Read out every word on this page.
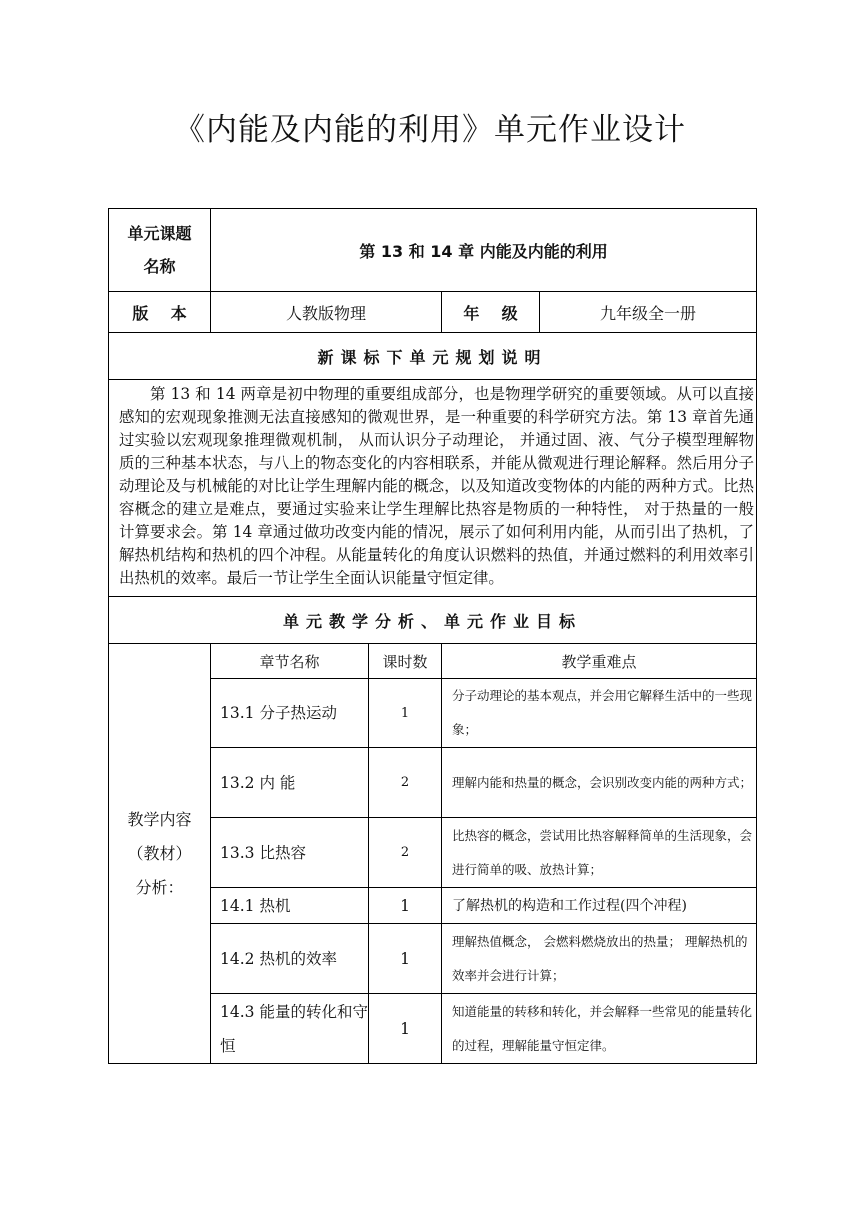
《内能及内能的利用》单元作业设计
单元课题名称	第 13 和 14 章 内能及内能的利用			
版    本	人教版物理		年    级	九年级全一册
新课标下单元规划说明				
第 13 和 14 两章是初中物理的重要组成部分，也是物理学研究的重要领域。从可以直接感知的宏观现象推测无法直接感知的微观世界，是一种重要的科学研究方法。第 13 章首先通过实验以宏观现象推理微观机制， 从而认识分子动理论， 并通过固、液、气分子模型理解物质的三种基本状态，与八上的物态变化的内容相联系，并能从微观进行理论解释。然后用分子动理论及与机械能的对比让学生理解内能的概念，以及知道改变物体的内能的两种方式。比热容概念的建立是难点，要通过实验来让学生理解比热容是物质的一种特性， 对于热量的一般计算要求会。第 14 章通过做功改变内能的情况，展示了如何利用内能，从而引出了热机，了解热机结构和热机的四个冲程。从能量转化的角度认识燃料的热值，并通过燃料的利用效率引出热机的效率。最后一节让学生全面认识能量守恒定律。				
单元教学分析、单元作业目标				

教学内容
（教材）
分析：	章节名称	课时数	教学重难点	
	13.1 分子热运动	1	分子动理论的基本观点，并会用它解释生活中的一些现象；	
	13.2 内 能	2	理解内能和热量的概念，会识别改变内能的两种方式；	
	13.3 比热容	2	比热容的概念，尝试用比热容解释简单的生活现象，会进行简单的吸、放热计算；	
	14.1 热机	1	了解热机的构造和工作过程(四个冲程)	
	14.2 热机的效率	1	理解热值概念， 会燃料燃烧放出的热量； 理解热机的效率并会进行计算；	
	14.3 能量的转化和守恒	1	知道能量的转移和转化，并会解释一些常见的能量转化的过程，理解能量守恒定律。	
